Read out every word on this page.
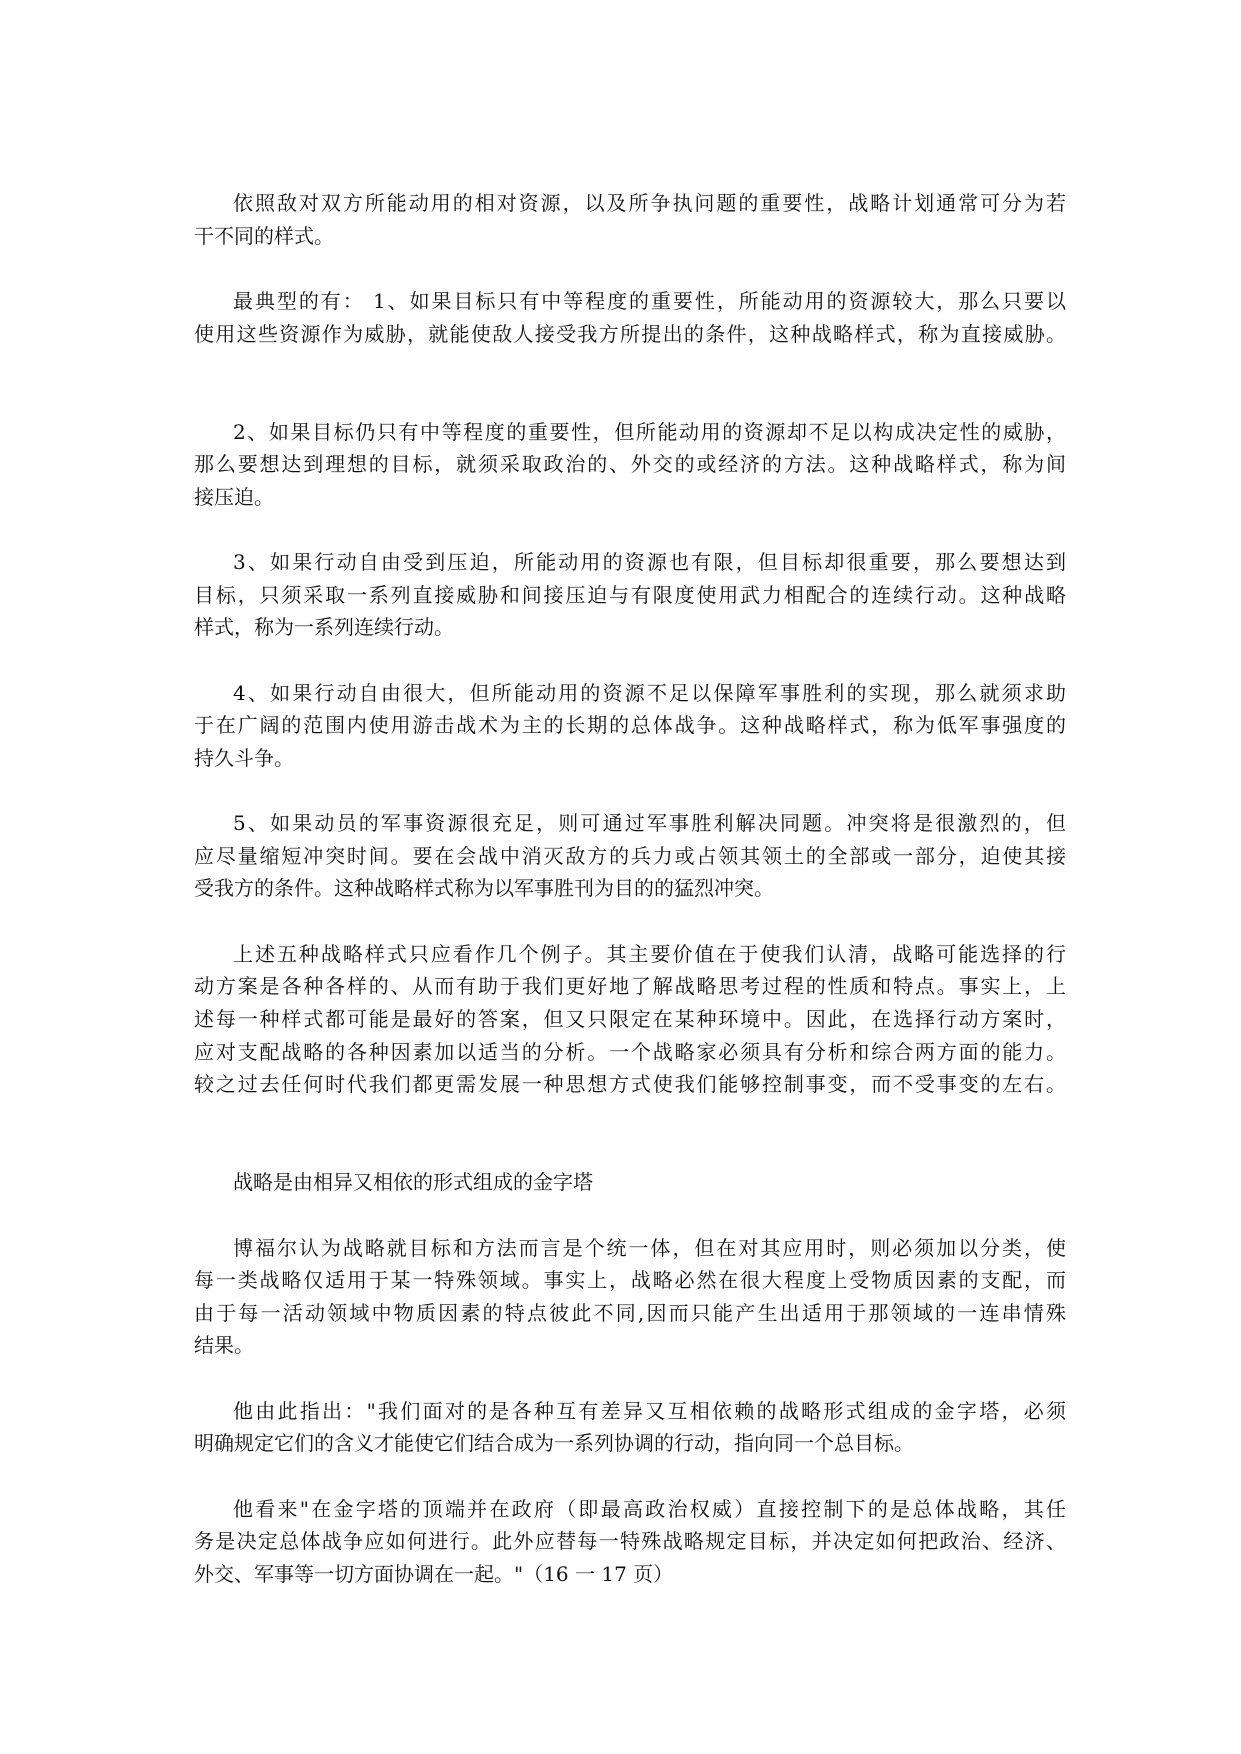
依照敌对双方所能动用的相对资源，以及所争执问题的重要性，战略计划通常可分为若
干不同的样式。
最典型的有： 1、如果目标只有中等程度的重要性，所能动用的资源较大，那么只要以
使用这些资源作为威胁，就能使敌人接受我方所提出的条件，这种战略样式，称为直接威胁。
2、如果目标仍只有中等程度的重要性，但所能动用的资源却不足以构成决定性的威胁，
那么要想达到理想的目标，就须采取政治的、外交的或经济的方法。这种战略样式，称为间
接压迫。
3、如果行动自由受到压迫，所能动用的资源也有限，但目标却很重要，那么要想达到
目标，只须采取一系列直接威胁和间接压迫与有限度使用武力相配合的连续行动。这种战略
样式，称为一系列连续行动。
4、如果行动自由很大，但所能动用的资源不足以保障军事胜利的实现，那么就须求助
于在广阔的范围内使用游击战术为主的长期的总体战争。这种战略样式，称为低军事强度的
持久斗争。
5、如果动员的军事资源很充足，则可通过军事胜利解决同题。冲突将是很激烈的，但
应尽量缩短冲突时间。要在会战中消灭敌方的兵力或占领其领土的全部或一部分，迫使其接
受我方的条件。这种战略样式称为以军事胜刊为目的的猛烈冲突。
上述五种战略样式只应看作几个例子。其主要价值在于使我们认清，战略可能选择的行
动方案是各种各样的、从而有助于我们更好地了解战略思考过程的性质和特点。事实上，上
述每一种样式都可能是最好的答案，但又只限定在某种环境中。因此，在选择行动方案时，
应对支配战略的各种因素加以适当的分析。一个战略家必须具有分析和综合两方面的能力。
较之过去任何时代我们都更需发展一种思想方式使我们能够控制事变，而不受事变的左右。
战略是由相异又相依的形式组成的金字塔
博福尔认为战略就目标和方法而言是个统一体，但在对其应用时，则必须加以分类，使
每一类战略仅适用于某一特殊领域。事实上，战略必然在很大程度上受物质因素的支配，而
由于每一活动领域中物质因素的特点彼此不同,因而只能产生出适用于那领域的一连串情殊
结果。
他由此指出："我们面对的是各种互有差异又互相依赖的战略形式组成的金字塔，必须
明确规定它们的含义才能使它们结合成为一系列协调的行动，指向同一个总目标。
他看来"在金字塔的顶端并在政府（即最高政治权威）直接控制下的是总体战略，其任
务是决定总体战争应如何进行。此外应替每一特殊战略规定目标，并决定如何把政治、经济、
外交、军事等一切方面协调在一起。"（16 一 17 页）
